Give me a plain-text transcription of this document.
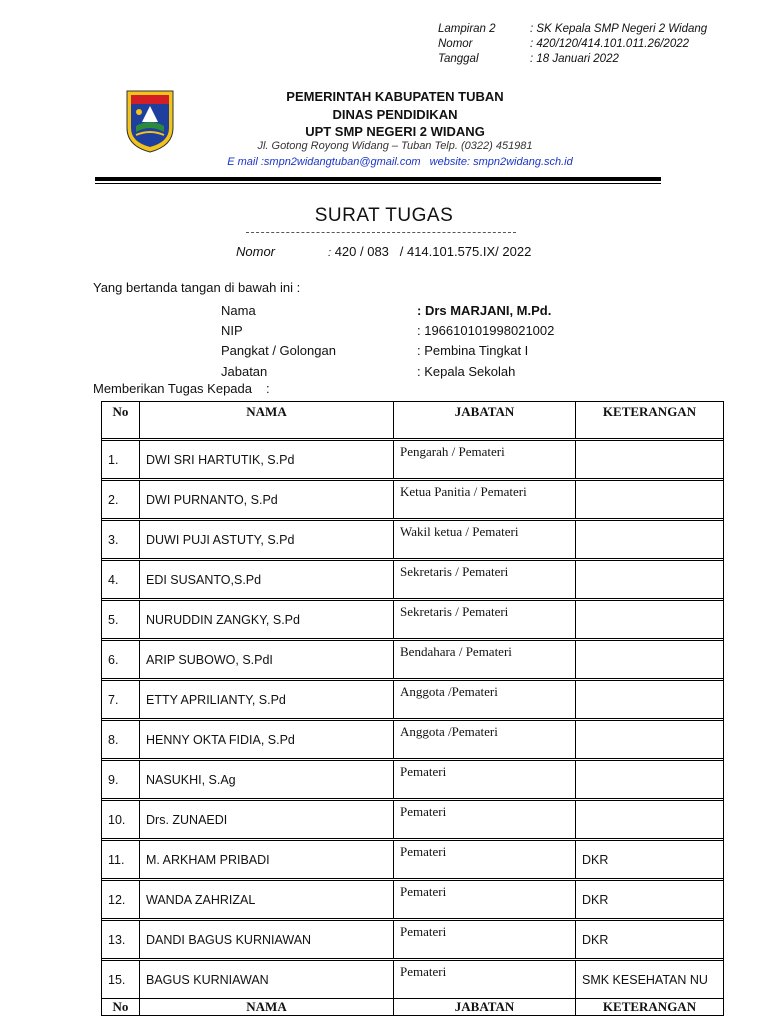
Lampiran 2	: SK Kepala SMP Negeri 2 Widang
Nomor	: 420/120/414.101.011.26/2022
Tanggal	: 18 Januari 2022
PEMERINTAH KABUPATEN TUBAN
DINAS PENDIDIKAN
UPT SMP NEGERI 2 WIDANG
Jl. Gotong Royong Widang – Tuban Telp. (0322) 451981
E mail :smpn2widangtuban@gmail.com website: smpn2widang.sch.id
SURAT TUGAS
Nomor	: 420 / 083   / 414.101.575.IX/ 2022
Yang bertanda tangan di bawah ini :
Nama	: Drs MARJANI, M.Pd.
NIP	: 196610101998021002
Pangkat / Golongan	: Pembina Tingkat I
Jabatan	: Kepala Sekolah
Memberikan Tugas Kepada :
No	NAMA	JABATAN	KETERANGAN

1.	DWI SRI HARTUTIK, S.Pd	Pengarah / Pemateri	

2.	DWI PURNANTO, S.Pd	Ketua Panitia / Pemateri	

3.	DUWI PUJI ASTUTY, S.Pd	Wakil ketua / Pemateri	

4.	EDI SUSANTO,S.Pd	Sekretaris / Pemateri	

5.	NURUDDIN ZANGKY, S.Pd	Sekretaris / Pemateri	

6.	ARIP SUBOWO, S.PdI	Bendahara / Pemateri	

7.	ETTY APRILIANTY, S.Pd	Anggota /Pemateri	

8.	HENNY OKTA FIDIA, S.Pd	Anggota /Pemateri	

9.	NASUKHI, S.Ag	Pemateri	

10.	Drs. ZUNAEDI	Pemateri	

11.	M. ARKHAM PRIBADI	Pemateri	DKR

12.	WANDA ZAHRIZAL	Pemateri	DKR

13.	DANDI BAGUS KURNIAWAN	Pemateri	DKR

15.	BAGUS KURNIAWAN	Pemateri	SMK KESEHATAN NU
No	NAMA	JABATAN	KETERANGAN
